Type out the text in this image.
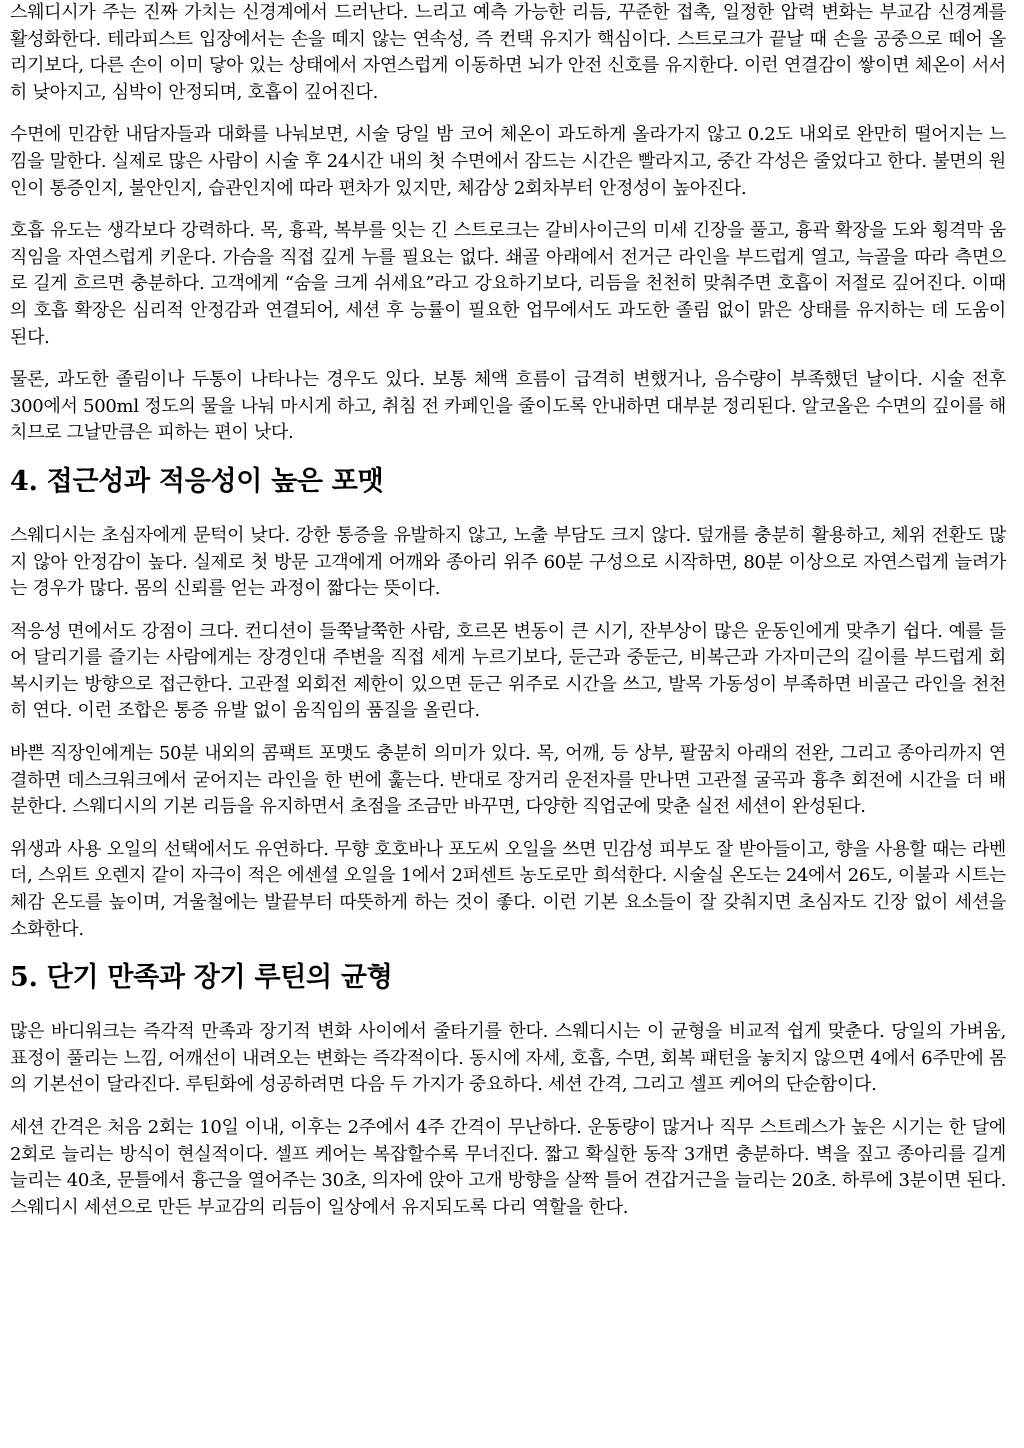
스웨디시가 주는 진짜 가치는 신경계에서 드러난다. 느리고 예측 가능한 리듬, 꾸준한 접촉, 일정한 압력 변화는 부교감 신경계를 활성화한다. 테라피스트 입장에서는 손을 떼지 않는 연속성, 즉 컨택 유지가 핵심이다. 스트로크가 끝날 때 손을 공중으로 떼어 올리기보다, 다른 손이 이미 닿아 있는 상태에서 자연스럽게 이동하면 뇌가 안전 신호를 유지한다. 이런 연결감이 쌓이면 체온이 서서히 낮아지고, 심박이 안정되며, 호흡이 깊어진다.

수면에 민감한 내담자들과 대화를 나눠보면, 시술 당일 밤 코어 체온이 과도하게 올라가지 않고 0.2도 내외로 완만히 떨어지는 느낌을 말한다. 실제로 많은 사람이 시술 후 24시간 내의 첫 수면에서 잠드는 시간은 빨라지고, 중간 각성은 줄었다고 한다. 불면의 원인이 통증인지, 불안인지, 습관인지에 따라 편차가 있지만, 체감상 2회차부터 안정성이 높아진다.

호흡 유도는 생각보다 강력하다. 목, 흉곽, 복부를 잇는 긴 스트로크는 갈비사이근의 미세 긴장을 풀고, 흉곽 확장을 도와 횡격막 움직임을 자연스럽게 키운다. 가슴을 직접 깊게 누를 필요는 없다. 쇄골 아래에서 전거근 라인을 부드럽게 열고, 늑골을 따라 측면으로 길게 흐르면 충분하다. 고객에게 “숨을 크게 쉬세요”라고 강요하기보다, 리듬을 천천히 맞춰주면 호흡이 저절로 깊어진다. 이때의 호흡 확장은 심리적 안정감과 연결되어, 세션 후 능률이 필요한 업무에서도 과도한 졸림 없이 맑은 상태를 유지하는 데 도움이 된다.

물론, 과도한 졸림이나 두통이 나타나는 경우도 있다. 보통 체액 흐름이 급격히 변했거나, 음수량이 부족했던 날이다. 시술 전후 300에서 500ml 정도의 물을 나눠 마시게 하고, 취침 전 카페인을 줄이도록 안내하면 대부분 정리된다. 알코올은 수면의 깊이를 해치므로 그날만큼은 피하는 편이 낫다.

4. 접근성과 적응성이 높은 포맷

스웨디시는 초심자에게 문턱이 낮다. 강한 통증을 유발하지 않고, 노출 부담도 크지 않다. 덮개를 충분히 활용하고, 체위 전환도 많지 않아 안정감이 높다. 실제로 첫 방문 고객에게 어깨와 종아리 위주 60분 구성으로 시작하면, 80분 이상으로 자연스럽게 늘려가는 경우가 많다. 몸의 신뢰를 얻는 과정이 짧다는 뜻이다.

적응성 면에서도 강점이 크다. 컨디션이 들쭉날쭉한 사람, 호르몬 변동이 큰 시기, 잔부상이 많은 운동인에게 맞추기 쉽다. 예를 들어 달리기를 즐기는 사람에게는 장경인대 주변을 직접 세게 누르기보다, 둔근과 중둔근, 비복근과 가자미근의 길이를 부드럽게 회복시키는 방향으로 접근한다. 고관절 외회전 제한이 있으면 둔근 위주로 시간을 쓰고, 발목 가동성이 부족하면 비골근 라인을 천천히 연다. 이런 조합은 통증 유발 없이 움직임의 품질을 올린다.

바쁜 직장인에게는 50분 내외의 콤팩트 포맷도 충분히 의미가 있다. 목, 어깨, 등 상부, 팔꿈치 아래의 전완, 그리고 종아리까지 연결하면 데스크워크에서 굳어지는 라인을 한 번에 훑는다. 반대로 장거리 운전자를 만나면 고관절 굴곡과 흉추 회전에 시간을 더 배분한다. 스웨디시의 기본 리듬을 유지하면서 초점을 조금만 바꾸면, 다양한 직업군에 맞춘 실전 세션이 완성된다.

위생과 사용 오일의 선택에서도 유연하다. 무향 호호바나 포도씨 오일을 쓰면 민감성 피부도 잘 받아들이고, 향을 사용할 때는 라벤더, 스위트 오렌지 같이 자극이 적은 에센셜 오일을 1에서 2퍼센트 농도로만 희석한다. 시술실 온도는 24에서 26도, 이불과 시트는 체감 온도를 높이며, 겨울철에는 발끝부터 따뜻하게 하는 것이 좋다. 이런 기본 요소들이 잘 갖춰지면 초심자도 긴장 없이 세션을 소화한다.

5. 단기 만족과 장기 루틴의 균형

많은 바디워크는 즉각적 만족과 장기적 변화 사이에서 줄타기를 한다. 스웨디시는 이 균형을 비교적 쉽게 맞춘다. 당일의 가벼움, 표정이 풀리는 느낌, 어깨선이 내려오는 변화는 즉각적이다. 동시에 자세, 호흡, 수면, 회복 패턴을 놓치지 않으면 4에서 6주만에 몸의 기본선이 달라진다. 루틴화에 성공하려면 다음 두 가지가 중요하다. 세션 간격, 그리고 셀프 케어의 단순함이다.

세션 간격은 처음 2회는 10일 이내, 이후는 2주에서 4주 간격이 무난하다. 운동량이 많거나 직무 스트레스가 높은 시기는 한 달에 2회로 늘리는 방식이 현실적이다. 셀프 케어는 복잡할수록 무너진다. 짧고 확실한 동작 3개면 충분하다. 벽을 짚고 종아리를 길게 늘리는 40초, 문틀에서 흉근을 열어주는 30초, 의자에 앉아 고개 방향을 살짝 틀어 견갑거근을 늘리는 20초. 하루에 3분이면 된다. 스웨디시 세션으로 만든 부교감의 리듬이 일상에서 유지되도록 다리 역할을 한다.
